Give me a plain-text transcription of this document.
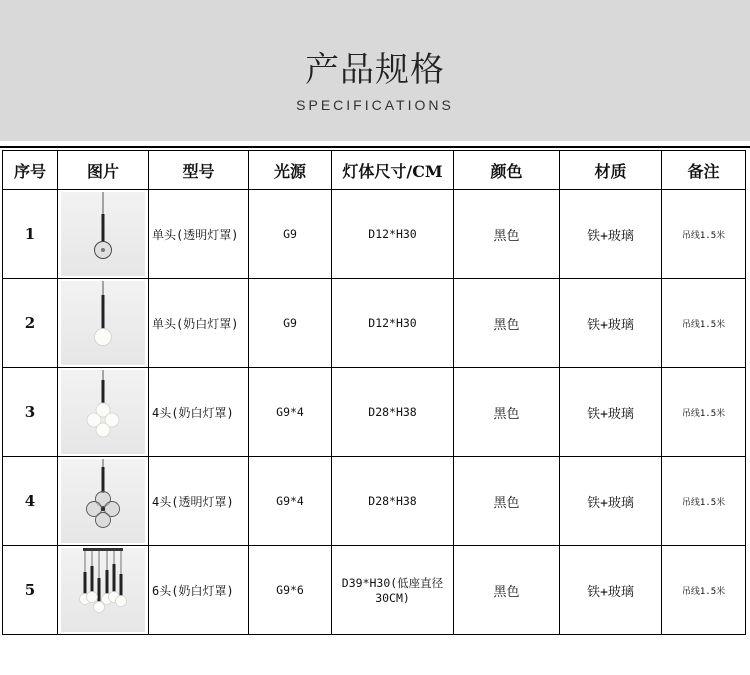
产品规格
SPECIFICATIONS
序号	图片	型号	光源	灯体尺寸/CM	颜色	材质	备注
1		单头(透明灯罩)	G9	D12*H30	黑色	铁+玻璃	吊线1.5米
2		单头(奶白灯罩)	G9	D12*H30	黑色	铁+玻璃	吊线1.5米
3		4头(奶白灯罩)	G9*4	D28*H38	黑色	铁+玻璃	吊线1.5米
4		4头(透明灯罩)	G9*4	D28*H38	黑色	铁+玻璃	吊线1.5米
5		6头(奶白灯罩)	G9*6	D39*H30(低座直径30CM)	黑色	铁+玻璃	吊线1.5米
